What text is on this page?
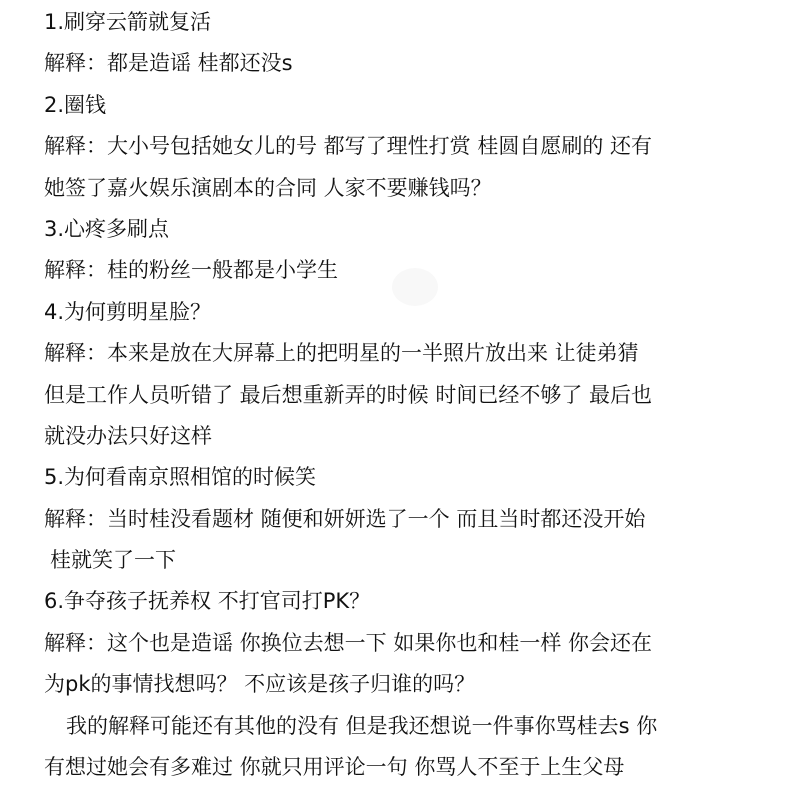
1.刷穿云箭就复活
解释：都是造谣 桂都还没s
2.圈钱
解释：大小号包括她女儿的号 都写了理性打赏 桂圆自愿刷的 还有
她签了嘉火娱乐演剧本的合同 人家不要赚钱吗？
3.心疼多刷点
解释：桂的粉丝一般都是小学生
4.为何剪明星脸？
解释：本来是放在大屏幕上的把明星的一半照片放出来 让徒弟猜
但是工作人员听错了 最后想重新弄的时候 时间已经不够了 最后也
就没办法只好这样
5.为何看南京照相馆的时候笑
解释：当时桂没看题材 随便和妍妍选了一个 而且当时都还没开始
桂就笑了一下
6.争夺孩子抚养权 不打官司打PK？
解释：这个也是造谣 你换位去想一下 如果你也和桂一样 你会还在
为pk的事情找想吗？ 不应该是孩子归谁的吗？
我的解释可能还有其他的没有 但是我还想说一件事你骂桂去s 你
有想过她会有多难过 你就只用评论一句 你骂人不至于上生父母
